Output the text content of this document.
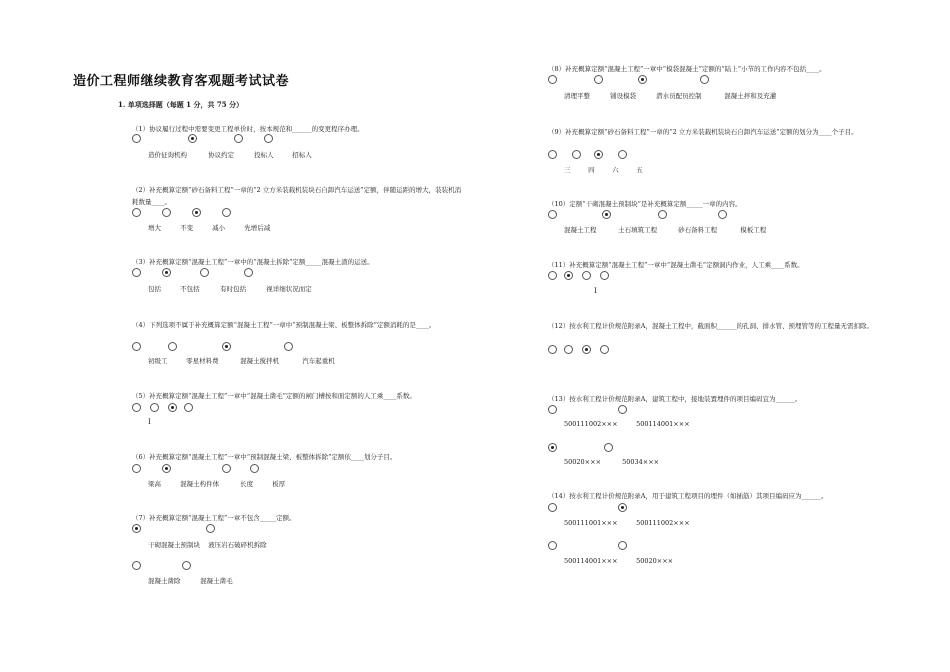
造价工程师继续教育客观题考试试卷
1. 单项选择题（每题 1 分，共 75 分）
（1）协议履行过程中需要变更工程单价时，按本规范和______的变更程序办理。
造价征询机构	协议约定	投标人	招标人
（2）补充概算定额“砂石备料工程”一章的“2 立方米装载机装块石自卸汽车运送”定额，伴随运距的增大，装装机消耗数量____。
增大	不变	减小	先增后减
（3）补充概算定额“混凝土工程”一章中的“混凝土拆除”定额_____混凝土渣的运送。
包括	不包括	有时包括	视详细状况而定
（4）下列选项不属于补充概算定额“混凝土工程”一章中“预制混凝土梁、板整体拆除”定额消耗的是____。
初级工	零星材料费	混凝土搅拌机	汽车起重机
（5）补充概算定额“混凝土工程”一章中“混凝土凿毛”定额的闸门槽按和面定额的人工乘____系数。
I
（6）补充概算定额“混凝土工程”一章中“预制混凝土梁、板整体拆除”定额依____划分子目。
梁高	混凝土构件体	长度	板厚
（7）补充概算定额“混凝土工程”一章不包含_____定额。
干砌混凝土预制块 液压岩石破碎机拆除
混凝土凿除	混凝土凿毛
（8）补充概算定额“混凝土工程”一章中“模袋混凝土”定额的“陆上”小节的工作内容不包括____。
清理平整	铺设模袋	潜水员配员控制	混凝土拌和及充灌
（9）补充概算定额“砂石备料工程”一章的“2 立方米装载机装块石自卸汽车运送”定额的划分为____个子目。
三	四	六	五
（10）定额“干砌混凝土预制块”是补充概算定额_____一章的内容。
混凝土工程	土石填筑工程	砂石备料工程	模板工程
（11）补充概算定额“混凝土工程”一章中“混凝土凿毛”定额洞内作业，人工乘____系数。
I
（12）按水利工程计价规范附录A，混凝土工程中，截面积______的孔洞、排水管、预埋管等的工程量无需扣除。
（13）按水利工程计价规范附录A，建筑工程中，接地装置埋件的项目编码宜为______。
500111002×××	500114001×××
50020×××	50034×××
（14）按水利工程计价规范附录A，用于建筑工程项目的埋件（如插筋）其项目编码应为______。
500111001×××	500111002×××
500114001×××	50020×××
